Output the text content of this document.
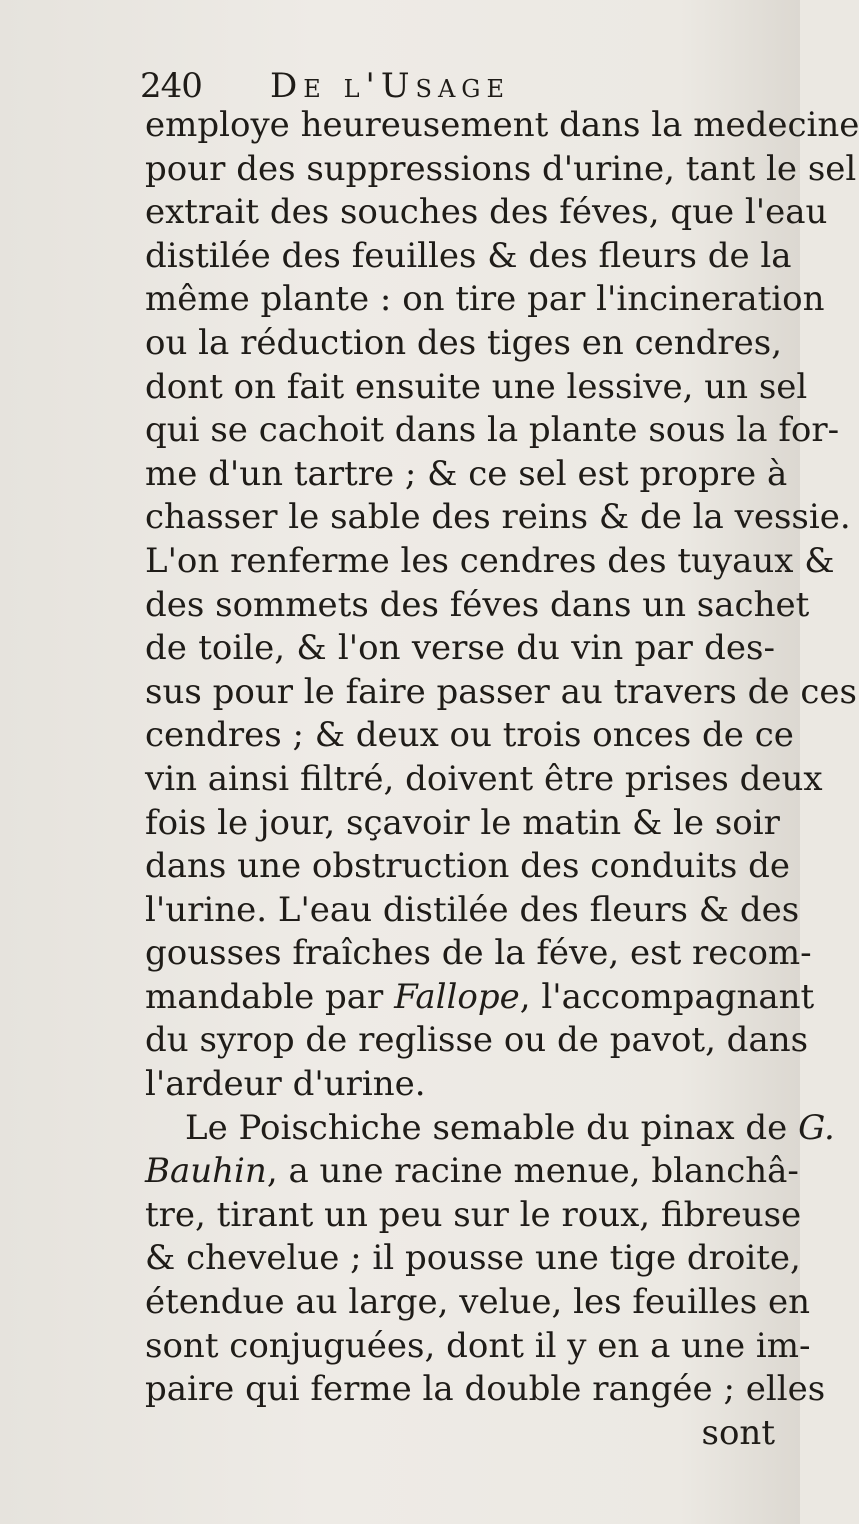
240	De l'Usage
employe heureusement dans la medecine
pour des suppressions d'urine, tant le sel
extrait des souches des féves, que l'eau
distilée des feuilles & des fleurs de la
même plante : on tire par l'incineration
ou la réduction des tiges en cendres,
dont on fait ensuite une lessive, un sel
qui se cachoit dans la plante sous la for-
me d'un tartre ; & ce sel est propre à
chasser le sable des reins & de la vessie.
L'on renferme les cendres des tuyaux &
des sommets des féves dans un sachet
de toile, & l'on verse du vin par des-
sus pour le faire passer au travers de ces
cendres ; & deux ou trois onces de ce
vin ainsi filtré, doivent être prises deux
fois le jour, sçavoir le matin & le soir
dans une obstruction des conduits de
l'urine. L'eau distilée des fleurs & des
gousses fraîches de la féve, est recom-
mandable par Fallope, l'accompagnant
du syrop de reglisse ou de pavot, dans
l'ardeur d'urine.
Le Poischiche semable du pinax de G.
Bauhin, a une racine menue, blanchâ-
tre, tirant un peu sur le roux, fibreuse
& chevelue ; il pousse une tige droite,
étendue au large, velue, les feuilles en
sont conjuguées, dont il y en a une im-
paire qui ferme la double rangée ; elles
sont
